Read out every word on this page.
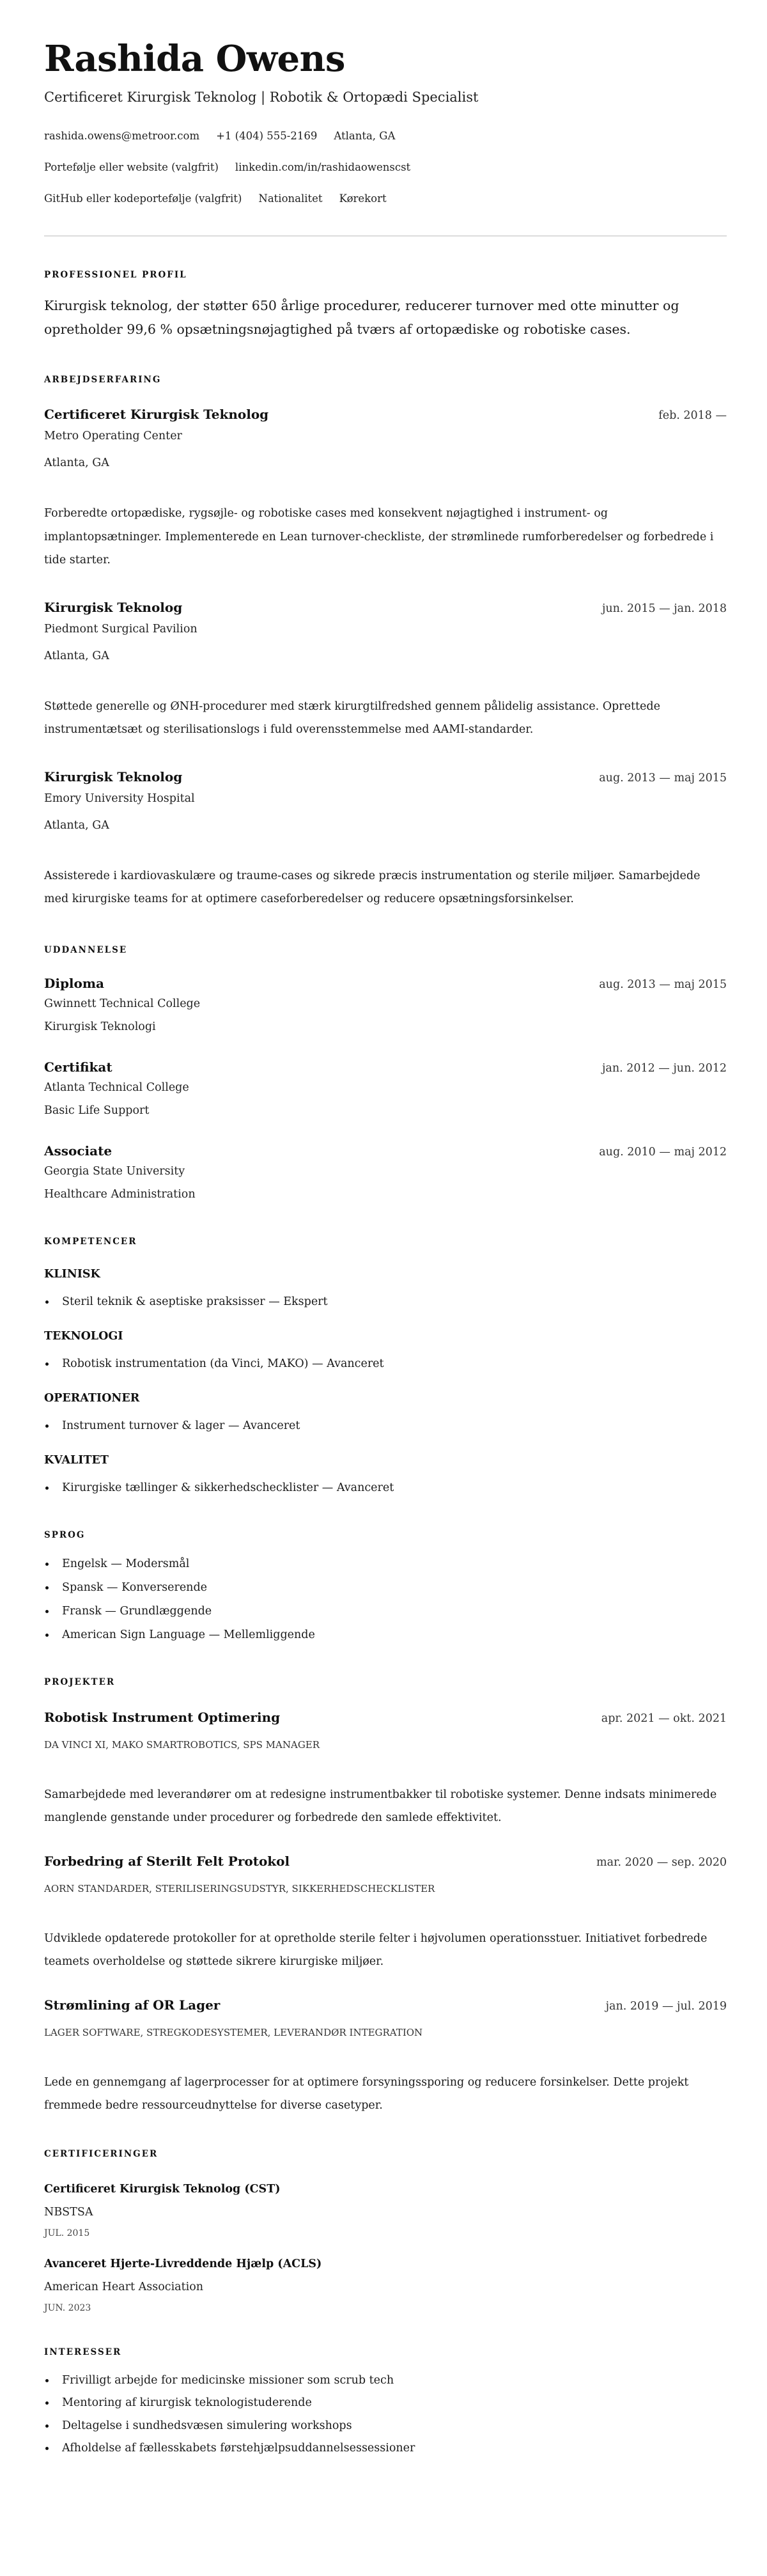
Rashida Owens
Certificeret Kirurgisk Teknolog | Robotik & Ortopædi Specialist
rashida.owens@metroor.com +1 (404) 555-2169 Atlanta, GA
Portefølje eller website (valgfrit) linkedin.com/in/rashidaowenscst
GitHub eller kodeportefølje (valgfrit) Nationalitet Kørekort
PROFESSIONEL PROFIL

Kirurgisk teknolog, der støtter 650 årlige procedurer, reducerer turnover med otte minutter og opretholder 99,6 % opsætningsnøjagtighed på tværs af ortopædiske og robotiske cases.

ARBEJDSERFARING
Certificeret Kirurgisk Teknolog	feb. 2018 —
Metro Operating Center
Atlanta, GA

Forberedte ortopædiske, rygsøjle- og robotiske cases med konsekvent nøjagtighed i instrument- og implantopsætninger. Implementerede en Lean turnover-checkliste, der strømlinede rumforberedelser og forbedrede i tide starter.

Kirurgisk Teknolog	jun. 2015 — jan. 2018
Piedmont Surgical Pavilion
Atlanta, GA

Støttede generelle og ØNH-procedurer med stærk kirurgtilfredshed gennem pålidelig assistance. Oprettede instrumentætsæt og sterilisationslogs i fuld overensstemmelse med AAMI-standarder.

Kirurgisk Teknolog	aug. 2013 — maj 2015
Emory University Hospital
Atlanta, GA

Assisterede i kardiovaskulære og traume-cases og sikrede præcis instrumentation og sterile miljøer. Samarbejdede med kirurgiske teams for at optimere caseforberedelser og reducere opsætningsforsinkelser.

UDDANNELSE
Diploma	aug. 2013 — maj 2015
Gwinnett Technical College
Kirurgisk Teknologi
Certifikat	jan. 2012 — jun. 2012
Atlanta Technical College
Basic Life Support
Associate	aug. 2010 — maj 2012
Georgia State University
Healthcare Administration
KOMPETENCER
KLINISK
Steril teknik & aseptiske praksisser — Ekspert
TEKNOLOGI
Robotisk instrumentation (da Vinci, MAKO) — Avanceret
OPERATIONER
Instrument turnover & lager — Avanceret
KVALITET
Kirurgiske tællinger & sikkerhedschecklister — Avanceret
SPROG
Engelsk — Modersmål
Spansk — Konverserende
Fransk — Grundlæggende
American Sign Language — Mellemliggende
PROJEKTER
Robotisk Instrument Optimering	apr. 2021 — okt. 2021
DA VINCI XI, MAKO SMARTROBOTICS, SPS MANAGER

Samarbejdede med leverandører om at redesigne instrumentbakker til robotiske systemer. Denne indsats minimerede manglende genstande under procedurer og forbedrede den samlede effektivitet.

Forbedring af Sterilt Felt Protokol	mar. 2020 — sep. 2020
AORN STANDARDER, STERILISERINGSUDSTYR, SIKKERHEDSCHECKLISTER

Udviklede opdaterede protokoller for at opretholde sterile felter i højvolumen operationsstuer. Initiativet forbedrede teamets overholdelse og støttede sikrere kirurgiske miljøer.

Strømlining af OR Lager	jan. 2019 — jul. 2019
LAGER SOFTWARE, STREGKODESYSTEMER, LEVERANDØR INTEGRATION

Lede en gennemgang af lagerprocesser for at optimere forsyningssporing og reducere forsinkelser. Dette projekt fremmede bedre ressourceudnyttelse for diverse casetyper.

CERTIFICERINGER
Certificeret Kirurgisk Teknolog (CST)
NBSTSA
JUL. 2015
Avanceret Hjerte-Livreddende Hjælp (ACLS)
American Heart Association
JUN. 2023
INTERESSER
Frivilligt arbejde for medicinske missioner som scrub tech
Mentoring af kirurgisk teknologistuderende
Deltagelse i sundhedsvæsen simulering workshops
Afholdelse af fællesskabets førstehjælpsuddannelsessessioner
